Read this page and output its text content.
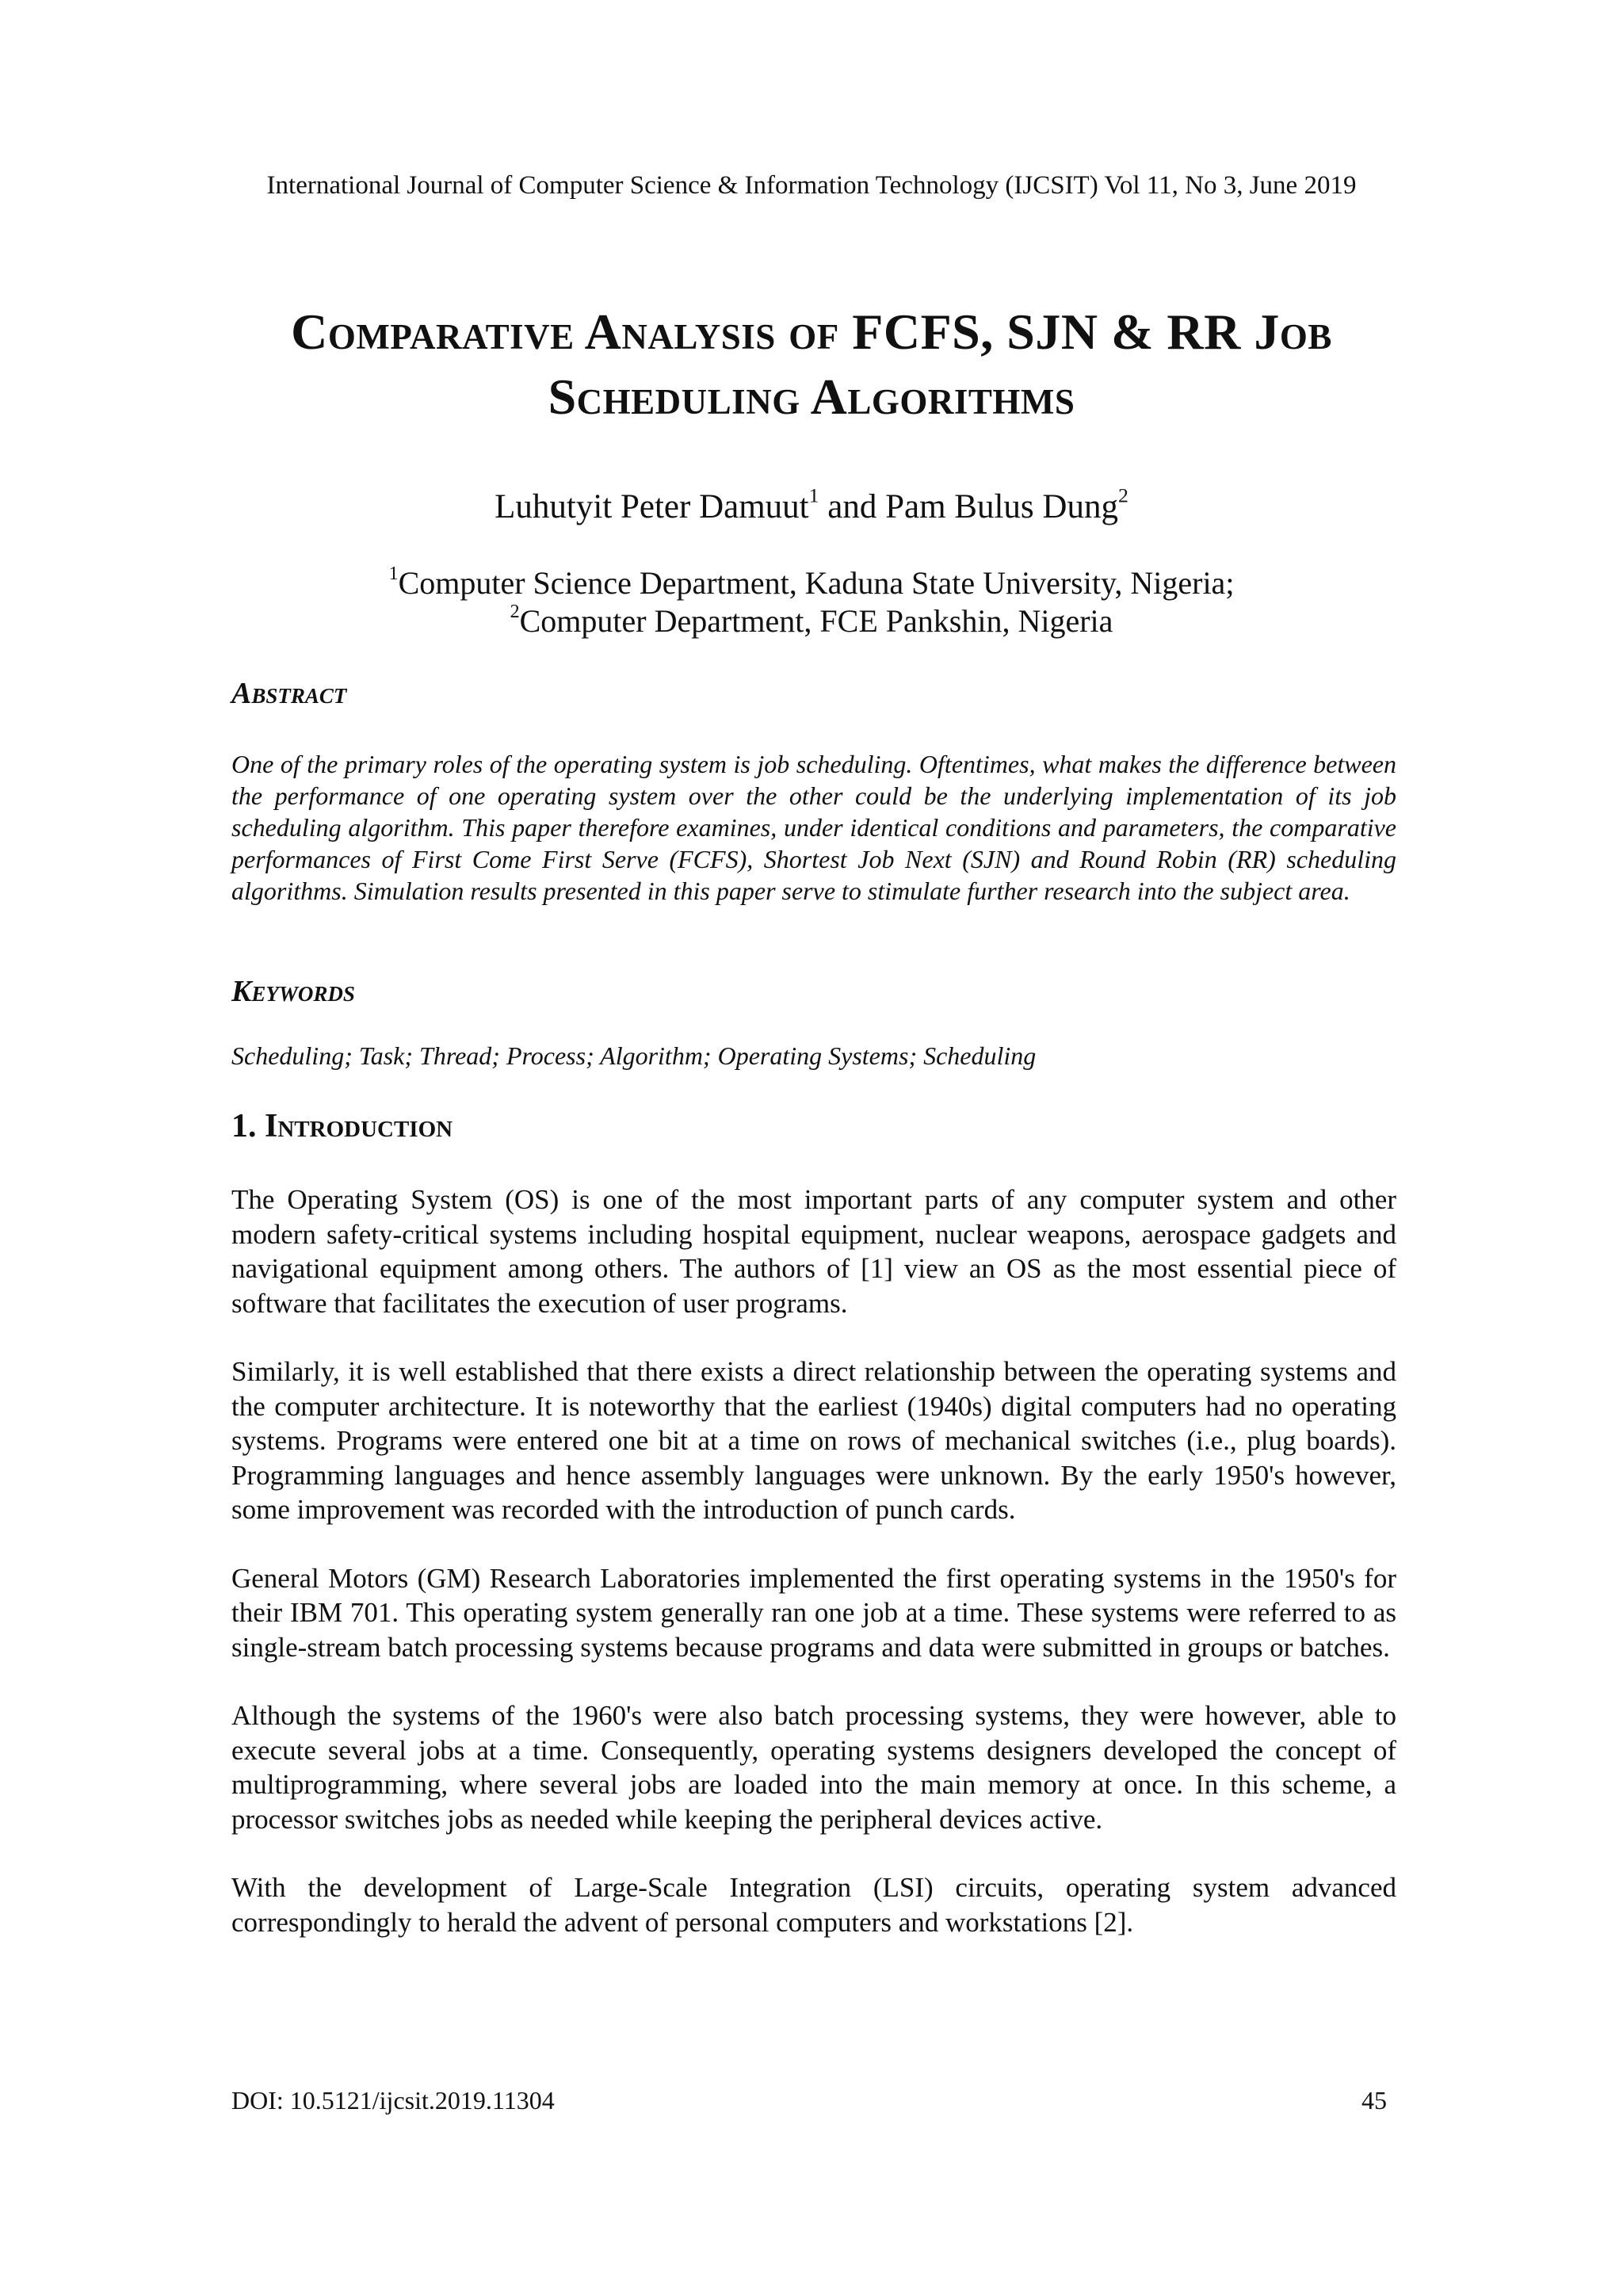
International Journal of Computer Science & Information Technology (IJCSIT) Vol 11, No 3, June 2019
Comparative Analysis of FCFS, SJN & RR Job
Scheduling Algorithms
Luhutyit Peter Damuut$^1$ and Pam Bulus Dung$^2$
$^1$Computer Science Department, Kaduna State University, Nigeria;
$^2$Computer Department, FCE Pankshin, Nigeria
Abstract
One of the primary roles of the operating system is job scheduling. Oftentimes, what makes the difference between the performance of one operating system over the other could be the underlying implementation of its job scheduling algorithm. This paper therefore examines, under identical conditions and parameters, the comparative performances of First Come First Serve (FCFS), Shortest Job Next (SJN) and Round Robin (RR) scheduling algorithms. Simulation results presented in this paper serve to stimulate further research into the subject area.
Keywords
Scheduling; Task; Thread; Process; Algorithm; Operating Systems; Scheduling
1. Introduction

The Operating System (OS) is one of the most important parts of any computer system and other modern safety-critical systems including hospital equipment, nuclear weapons, aerospace gadgets and navigational equipment among others. The authors of [1] view an OS as the most essential piece of software that facilitates the execution of user programs.

Similarly, it is well established that there exists a direct relationship between the operating systems and the computer architecture. It is noteworthy that the earliest (1940s) digital computers had no operating systems. Programs were entered one bit at a time on rows of mechanical switches (i.e., plug boards). Programming languages and hence assembly languages were unknown. By the early 1950's however, some improvement was recorded with the introduction of punch cards.

General Motors (GM) Research Laboratories implemented the first operating systems in the 1950's for their IBM 701. This operating system generally ran one job at a time. These systems were referred to as single-stream batch processing systems because programs and data were submitted in groups or batches.

Although the systems of the 1960's were also batch processing systems, they were however, able to execute several jobs at a time. Consequently, operating systems designers developed the concept of multiprogramming, where several jobs are loaded into the main memory at once. In this scheme, a processor switches jobs as needed while keeping the peripheral devices active.

With the development of Large-Scale Integration (LSI) circuits, operating system advanced correspondingly to herald the advent of personal computers and workstations [2].

DOI: 10.5121/ijcsit.2019.11304	45
